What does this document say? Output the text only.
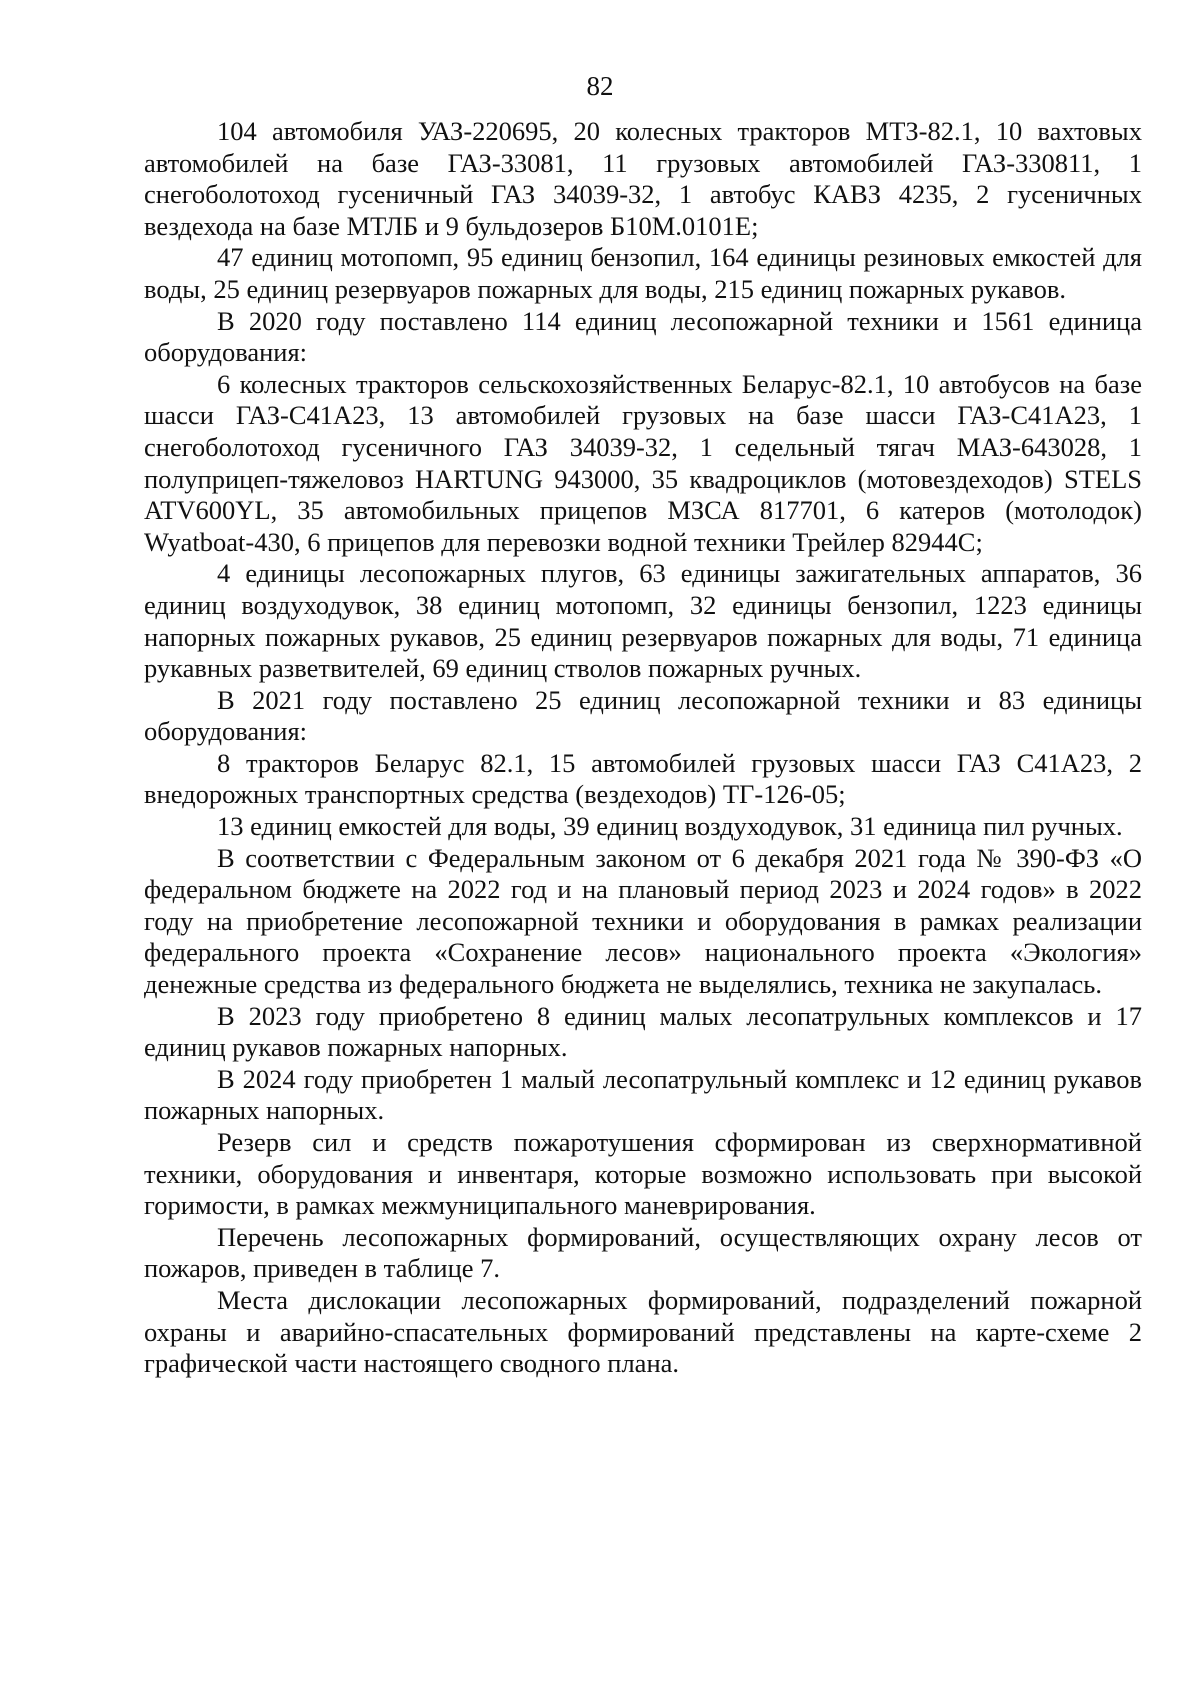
82

104 автомобиля УАЗ-220695, 20 колесных тракторов МТЗ-82.1, 10 вахтовых автомобилей на базе ГАЗ-33081, 11 грузовых автомобилей ГАЗ-330811, 1 снегоболотоход гусеничный ГАЗ 34039-32, 1 автобус КАВЗ 4235, 2 гусеничных вездехода на базе МТЛБ и 9 бульдозеров Б10М.0101Е;

47 единиц мотопомп, 95 единиц бензопил, 164 единицы резиновых емкостей для воды, 25 единиц резервуаров пожарных для воды, 215 единиц пожарных рукавов.

В 2020 году поставлено 114 единиц лесопожарной техники и 1561 единица оборудования:

6 колесных тракторов сельскохозяйственных Беларус-82.1, 10 автобусов на базе шасси ГАЗ-С41А23, 13 автомобилей грузовых на базе шасси ГАЗ-С41А23, 1 снегоболотоход гусеничного ГАЗ 34039-32, 1 седельный тягач МАЗ-643028, 1 полуприцеп-тяжеловоз HARTUNG 943000, 35 квадроциклов (мотовездеходов) STELS ATV600YL, 35 автомобильных прицепов МЗСА 817701, 6 катеров (мотолодок) Wyatboat-430, 6 прицепов для перевозки водной техники Трейлер 82944С;

4 единицы лесопожарных плугов, 63 единицы зажигательных аппаратов, 36 единиц воздуходувок, 38 единиц мотопомп, 32 единицы бензопил, 1223 единицы напорных пожарных рукавов, 25 единиц резервуаров пожарных для воды, 71 единица рукавных разветвителей, 69 единиц стволов пожарных ручных.

В 2021 году поставлено 25 единиц лесопожарной техники и 83 единицы оборудования:

8 тракторов Беларус 82.1, 15 автомобилей грузовых шасси ГАЗ С41А23, 2 внедорожных транспортных средства (вездеходов) ТГ-126-05;

13 единиц емкостей для воды, 39 единиц воздуходувок, 31 единица пил ручных.

В соответствии с Федеральным законом от 6 декабря 2021 года № 390-ФЗ «О федеральном бюджете на 2022 год и на плановый период 2023 и 2024 годов» в 2022 году на приобретение лесопожарной техники и оборудования в рамках реализации федерального проекта «Сохранение лесов» национального проекта «Экология» денежные средства из федерального бюджета не выделялись, техника не закупалась.

В 2023 году приобретено 8 единиц малых лесопатрульных комплексов и 17 единиц рукавов пожарных напорных.

В 2024 году приобретен 1 малый лесопатрульный комплекс и 12 единиц рукавов пожарных напорных.

Резерв сил и средств пожаротушения сформирован из сверхнормативной техники, оборудования и инвентаря, которые возможно использовать при высокой горимости, в рамках межмуниципального маневрирования.

Перечень лесопожарных формирований, осуществляющих охрану лесов от пожаров, приведен в таблице 7.

Места дислокации лесопожарных формирований, подразделений пожарной охраны и аварийно-спасательных формирований представлены на карте-схеме 2 графической части настоящего сводного плана.
